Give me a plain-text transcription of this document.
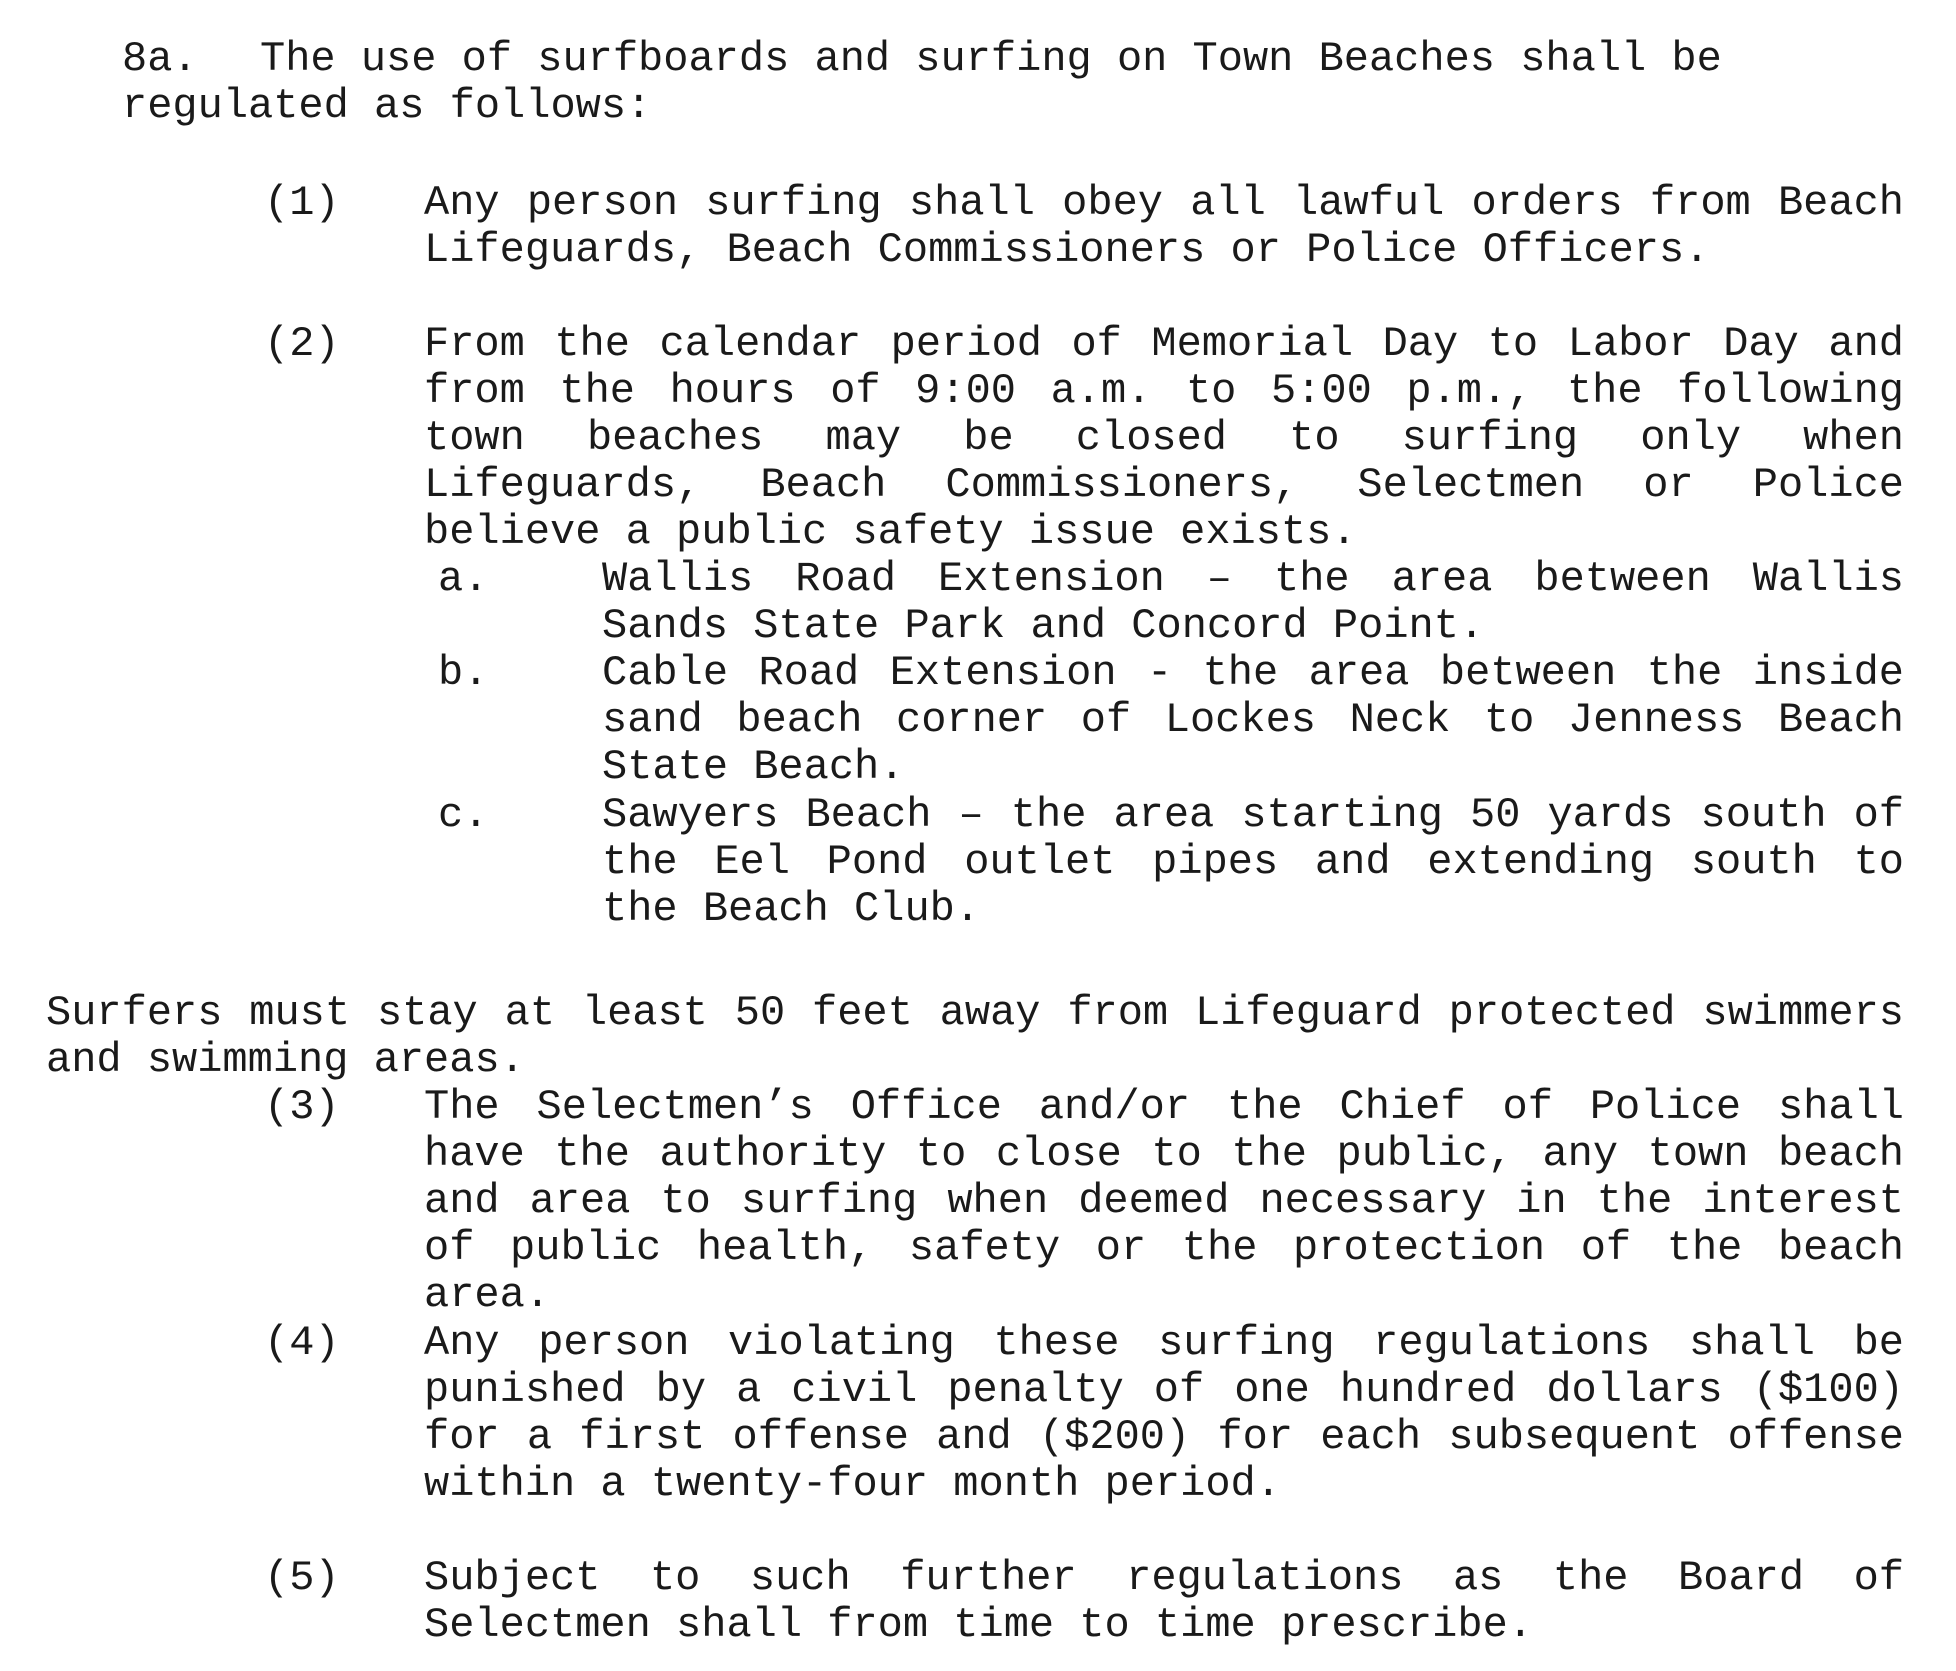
8a. The use of surfboards and surfing on Town Beaches shall be regulated as follows:
(1)	Any person surfing shall obey all lawful orders from Beach Lifeguards, Beach Commissioners or Police Officers.
(2)	From the calendar period of Memorial Day to Labor Day and from the hours of 9:00 a.m. to 5:00 p.m., the following town beaches may be closed to surfing only when Lifeguards, Beach Commissioners, Selectmen or Police believe a public safety issue exists.
a.	Wallis Road Extension – the area between Wallis Sands State Park and Concord Point.
b.	Cable Road Extension - the area between the inside sand beach corner of Lockes Neck to Jenness Beach State Beach.
c.	Sawyers Beach – the area starting 50 yards south of the Eel Pond outlet pipes and extending south to the Beach Club.
Surfers must stay at least 50 feet away from Lifeguard protected swimmers and swimming areas.
(3)	The Selectmen’s Office and/or the Chief of Police shall have the authority to close to the public, any town beach and area to surfing when deemed necessary in the interest of public health, safety or the protection of the beach area.
(4)	Any person violating these surfing regulations shall be punished by a civil penalty of one hundred dollars ($100) for a first offense and ($200) for each subsequent offense within a twenty-four month period.
(5)	Subject to such further regulations as the Board of Selectmen shall from time to time prescribe.
